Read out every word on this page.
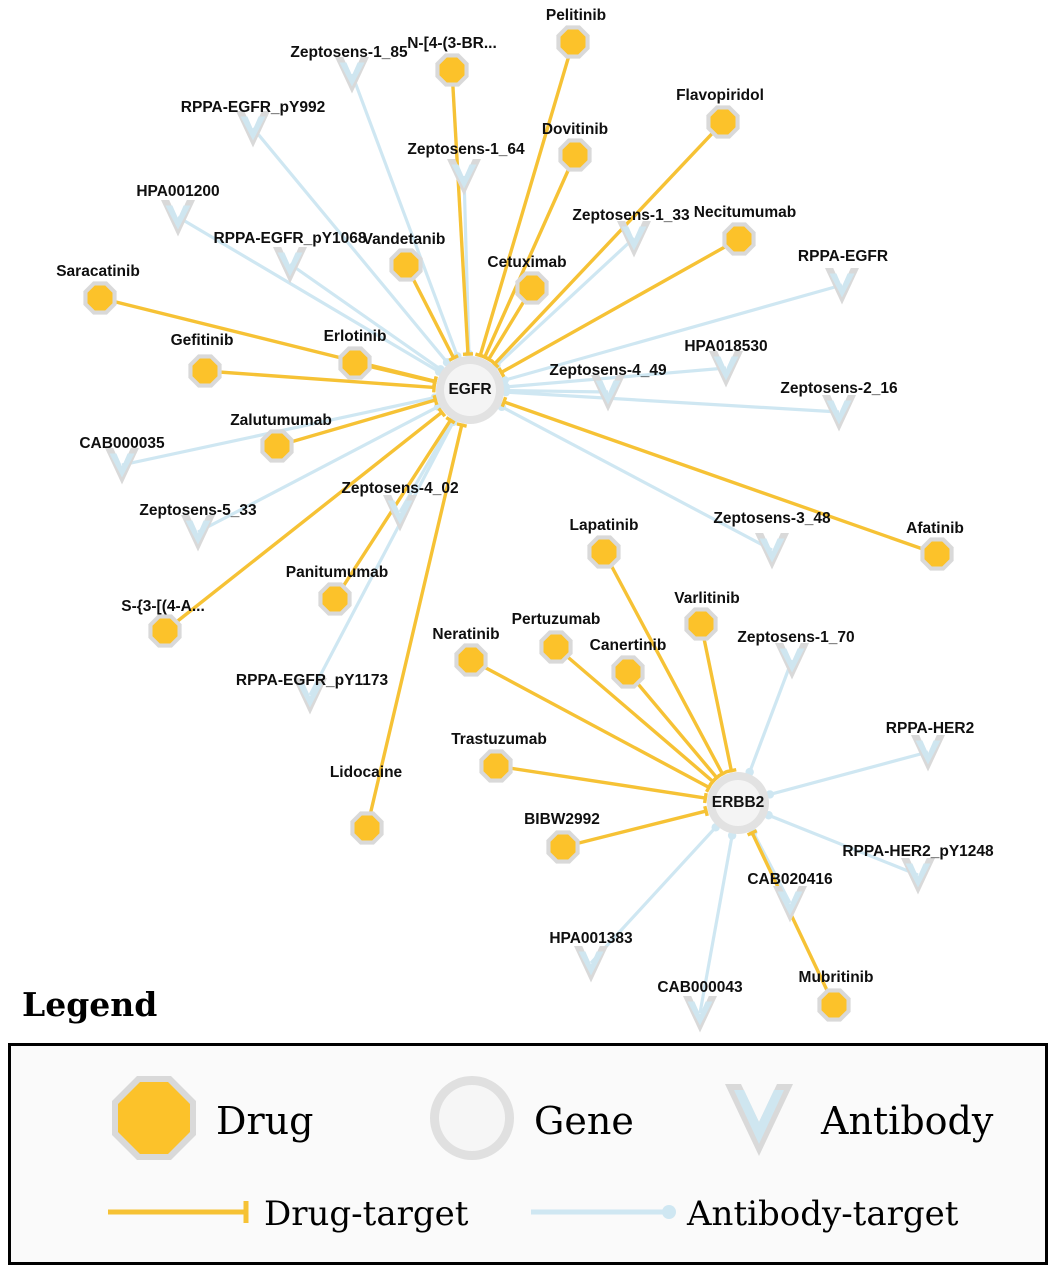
Zeptosens-1_85
RPPA-EGFR_pY992
Zeptosens-1_64
HPA001200
Zeptosens-1_33
RPPA-EGFR_pY1068
RPPA-EGFR
HPA018530
Zeptosens-4_49
Zeptosens-2_16
CAB000035
Zeptosens-4_02
Zeptosens-5_33	Zeptosens-3_48
RPPA-EGFR_pY1173
Zeptosens-1_70
RPPA-HER2
RPPA-HER2_pY1248
CAB020416
HPA001383
CAB000043
Pelitinib
N-[4-(3-BR...
Flavopiridol
Dovitinib
Necitumumab
Vandetanib
Cetuximab
Saracatinib
Erlotinib
Gefitinib
Zalutumumab
Afatinib
Lapatinib
Panitumumab
Varlitinib
S-{3-[(4-A...
Pertuzumab
Neratinib
Canertinib
Trastuzumab
Lidocaine
BIBW2992
Mubritinib
EGFR
ERBB2
Legend
Drug	Gene	Antibody
Drug-target	Antibody-target
